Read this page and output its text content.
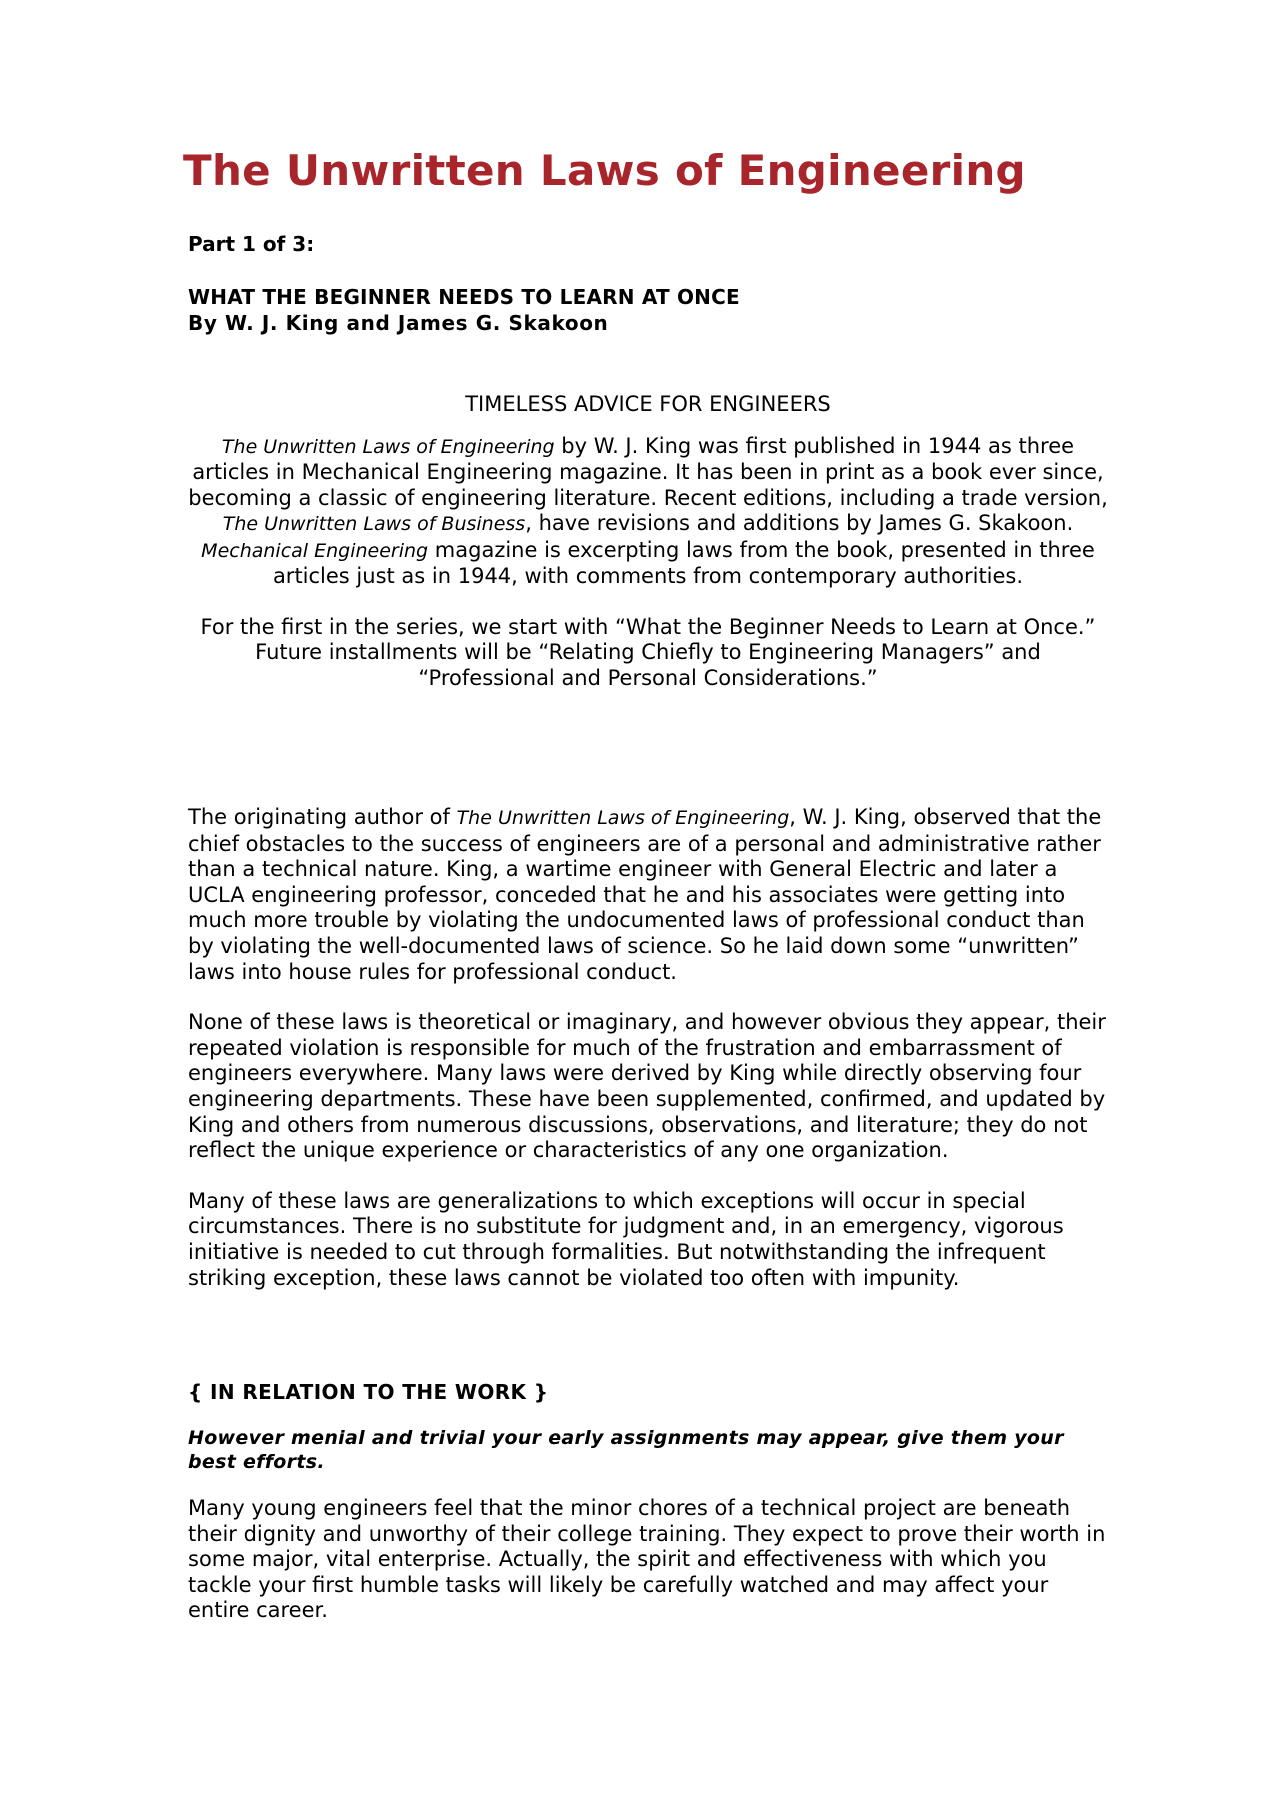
The Unwritten Laws of Engineering

Part 1 of 3:

WHAT THE BEGINNER NEEDS TO LEARN AT ONCE
By W. J. King and James G. Skakoon

TIMELESS ADVICE FOR ENGINEERS

The Unwritten Laws of Engineering by W. J. King was first published in 1944 as three articles in Mechanical Engineering magazine. It has been in print as a book ever since, becoming a classic of engineering literature. Recent editions, including a trade version, The Unwritten Laws of Business, have revisions and additions by James G. Skakoon. Mechanical Engineering magazine is excerpting laws from the book, presented in three articles just as in 1944, with comments from contemporary authorities.

For the first in the series, we start with “What the Beginner Needs to Learn at Once.” Future installments will be “Relating Chiefly to Engineering Managers” and “Professional and Personal Considerations.”

The originating author of The Unwritten Laws of Engineering, W. J. King, observed that the chief obstacles to the success of engineers are of a personal and administrative rather than a technical nature. King, a wartime engineer with General Electric and later a UCLA engineering professor, conceded that he and his associates were getting into much more trouble by violating the undocumented laws of professional conduct than by violating the well-documented laws of science. So he laid down some “unwritten” laws into house rules for professional conduct.

None of these laws is theoretical or imaginary, and however obvious they appear, their repeated violation is responsible for much of the frustration and embarrassment of engineers everywhere. Many laws were derived by King while directly observing four engineering departments. These have been supplemented, confirmed, and updated by King and others from numerous discussions, observations, and literature; they do not reflect the unique experience or characteristics of any one organization.

Many of these laws are generalizations to which exceptions will occur in special circumstances. There is no substitute for judgment and, in an emergency, vigorous initiative is needed to cut through formalities. But notwithstanding the infrequent striking exception, these laws cannot be violated too often with impunity.

{ IN RELATION TO THE WORK }

However menial and trivial your early assignments may appear, give them your best efforts.

Many young engineers feel that the minor chores of a technical project are beneath their dignity and unworthy of their college training. They expect to prove their worth in some major, vital enterprise. Actually, the spirit and effectiveness with which you tackle your first humble tasks will likely be carefully watched and may affect your entire career.
